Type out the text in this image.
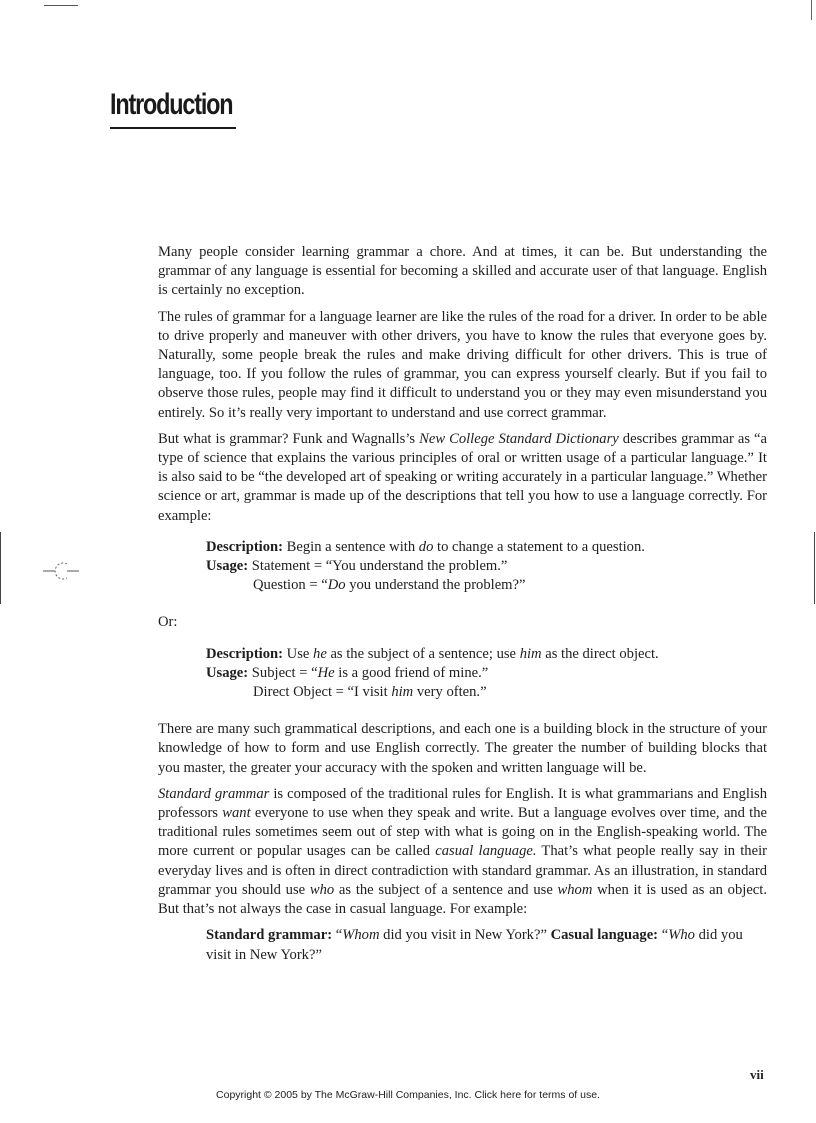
Introduction

Many people consider learning grammar a chore. And at times, it can be. But understanding the grammar of any language is essential for becoming a skilled and accurate user of that language. English is certainly no exception.

The rules of grammar for a language learner are like the rules of the road for a driver. In order to be able to drive properly and maneuver with other drivers, you have to know the rules that everyone goes by. Naturally, some people break the rules and make driving difficult for other drivers. This is true of language, too. If you follow the rules of grammar, you can express yourself clearly. But if you fail to observe those rules, people may find it difficult to understand you or they may even misunderstand you entirely. So it’s really very important to understand and use correct grammar.

But what is grammar? Funk and Wagnalls’s New College Standard Dictionary describes grammar as “a type of science that explains the various principles of oral or written usage of a particular language.” It is also said to be “the developed art of speaking or writing accurately in a particular language.” Whether science or art, grammar is made up of the descriptions that tell you how to use a language correctly. For example:

Description: Begin a sentence with do to change a statement to a question.
Usage: Statement = “You understand the problem.”
Question = “Do you understand the problem?”

Or:

Description: Use he as the subject of a sentence; use him as the direct object.
Usage: Subject = “He is a good friend of mine.”
Direct Object = “I visit him very often.”

There are many such grammatical descriptions, and each one is a building block in the structure of your knowledge of how to form and use English correctly. The greater the number of building blocks that you master, the greater your accuracy with the spoken and written language will be.

Standard grammar is composed of the traditional rules for English. It is what grammarians and English professors want everyone to use when they speak and write. But a language evolves over time, and the traditional rules sometimes seem out of step with what is going on in the English-speaking world. The more current or popular usages can be called casual language. That’s what people really say in their everyday lives and is often in direct contradiction with standard grammar. As an illustration, in standard grammar you should use who as the subject of a sentence and use whom when it is used as an object. But that’s not always the case in casual language. For example:

Standard grammar: “Whom did you visit in New York?” Casual language: “Who did you visit in New York?”
vii
Copyright © 2005 by The McGraw-Hill Companies, Inc. Click here for terms of use.
